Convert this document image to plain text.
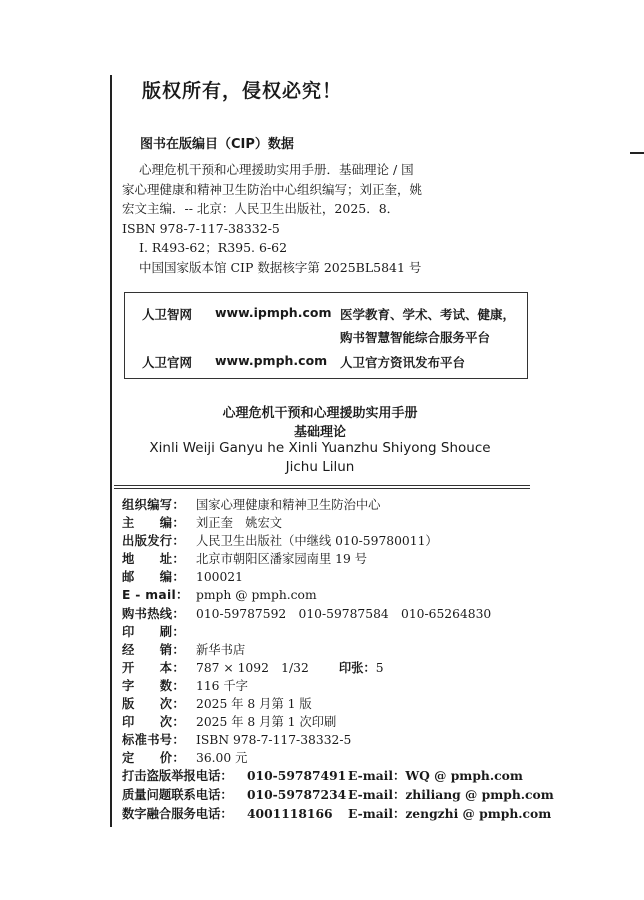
版权所有，侵权必究！
图书在版编目（CIP）数据
心理危机干预和心理援助实用手册．基础理论 / 国
家心理健康和精神卫生防治中心组织编写；刘正奎，姚
宏文主编．-- 北京：人民卫生出版社，2025．8．
ISBN 978-7-117-38332-5
Ⅰ. R493-62；R395. 6-62
中国国家版本馆 CIP 数据核字第 2025BL5841 号
人卫智网 www.ipmph.com 医学教育、学术、考试、健康，
购书智慧智能综合服务平台
人卫官网 www.pmph.com 人卫官方资讯发布平台
心理危机干预和心理援助实用手册
基础理论
Xinli Weiji Ganyu he Xinli Yuanzhu Shiyong Shouce
Jichu Lilun
组织编写： 国家心理健康和精神卫生防治中心
主　　编： 刘正奎　姚宏文
出版发行： 人民卫生出版社（中继线 010-59780011）
地　　址： 北京市朝阳区潘家园南里 19 号
邮　　编： 100021
E - mail： pmph @ pmph.com
购书热线： 010-59787592　010-59787584　010-65264830
印　　刷：
经　　销： 新华书店
开　　本： 787 × 1092　1/32 印张：5
字　　数： 116 千字
版　　次： 2025 年 8 月第 1 版
印　　次： 2025 年 8 月第 1 次印刷
标准书号： ISBN 978-7-117-38332-5
定　　价： 36.00 元
打击盗版举报电话： 010-59787491 E-mail：WQ @ pmph.com
质量问题联系电话： 010-59787234 E-mail：zhiliang @ pmph.com
数字融合服务电话： 4001118166 E-mail：zengzhi @ pmph.com
